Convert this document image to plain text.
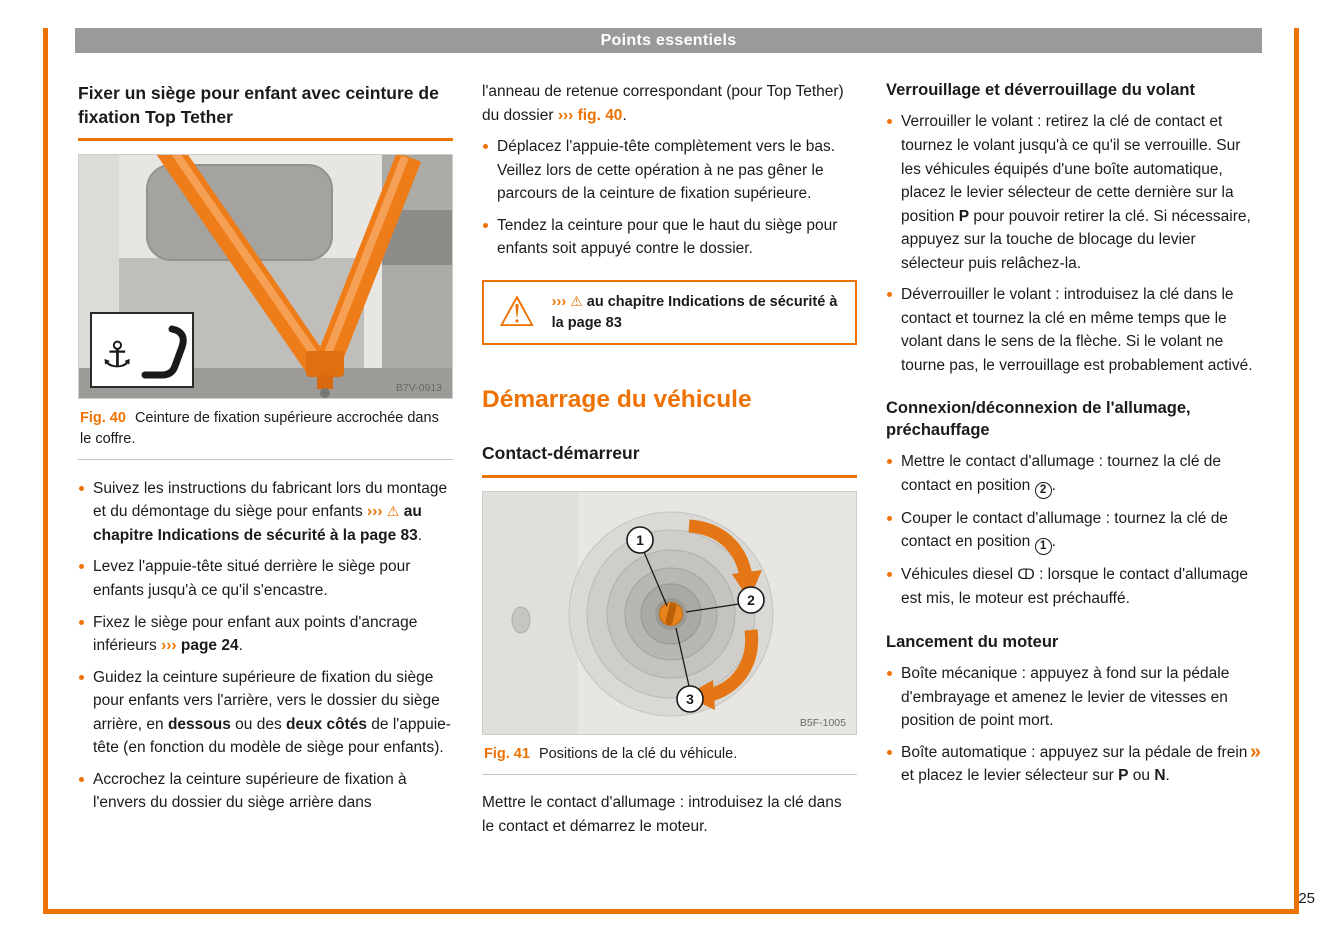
Points essentiels
Fixer un siège pour enfant avec ceinture de fixation Top Tether
⚓
B7V-0913
Fig. 40 Ceinture de fixation supérieure accrochée dans le coffre.
Suivez les instructions du fabricant lors du montage et du démontage du siège pour enfants ››› ⚠ au chapitre Indications de sécurité à la page 83.
Levez l'appuie-tête situé derrière le siège pour enfants jusqu'à ce qu'il s'encastre.
Fixez le siège pour enfant aux points d'ancrage inférieurs ››› page 24.
Guidez la ceinture supérieure de fixation du siège pour enfants vers l'arrière, vers le dossier du siège arrière, en dessous ou des deux côtés de l'appuie-tête (en fonction du modèle de siège pour enfants).
Accrochez la ceinture supérieure de fixation à l'envers du dossier du siège arrière dans

l'anneau de retenue correspondant (pour Top Tether) du dossier ››› fig. 40.

Déplacez l'appuie-tête complètement vers le bas. Veillez lors de cette opération à ne pas gêner le parcours de la ceinture de fixation supérieure.
Tendez la ceinture pour que le haut du siège pour enfants soit appuyé contre le dossier.
⚠ ››› ⚠ au chapitre Indications de sécurité à la page 83

Démarrage du véhicule
Contact-démarreur
1
2
3
B5F-1005
Fig. 41 Positions de la clé du véhicule.

Mettre le contact d'allumage : introduisez la clé dans le contact et démarrez le moteur.

Verrouillage et déverrouillage du volant
Verrouiller le volant : retirez la clé de contact et tournez le volant jusqu'à ce qu'il se verrouille. Sur les véhicules équipés d'une boîte automatique, placez le levier sélecteur de cette dernière sur la position P pour pouvoir retirer la clé. Si nécessaire, appuyez sur la touche de blocage du levier sélecteur puis relâchez-la.
Déverrouiller le volant : introduisez la clé dans le contact et tournez la clé en même temps que le volant dans le sens de la flèche. Si le volant ne tourne pas, le verrouillage est probablement activé.
Connexion/déconnexion de l'allumage, préchauffage
Mettre le contact d'allumage : tournez la clé de contact en position 2 .
Couper le contact d'allumage : tournez la clé de contact en position 1 .
Véhicules diesel ↀ : lorsque le contact d'allumage est mis, le moteur est préchauffé.
Lancement du moteur
Boîte mécanique : appuyez à fond sur la pédale d'embrayage et amenez le levier de vitesses en position de point mort.
»
Boîte automatique : appuyez sur la pédale de frein et placez le levier sélecteur sur P ou N.
25
